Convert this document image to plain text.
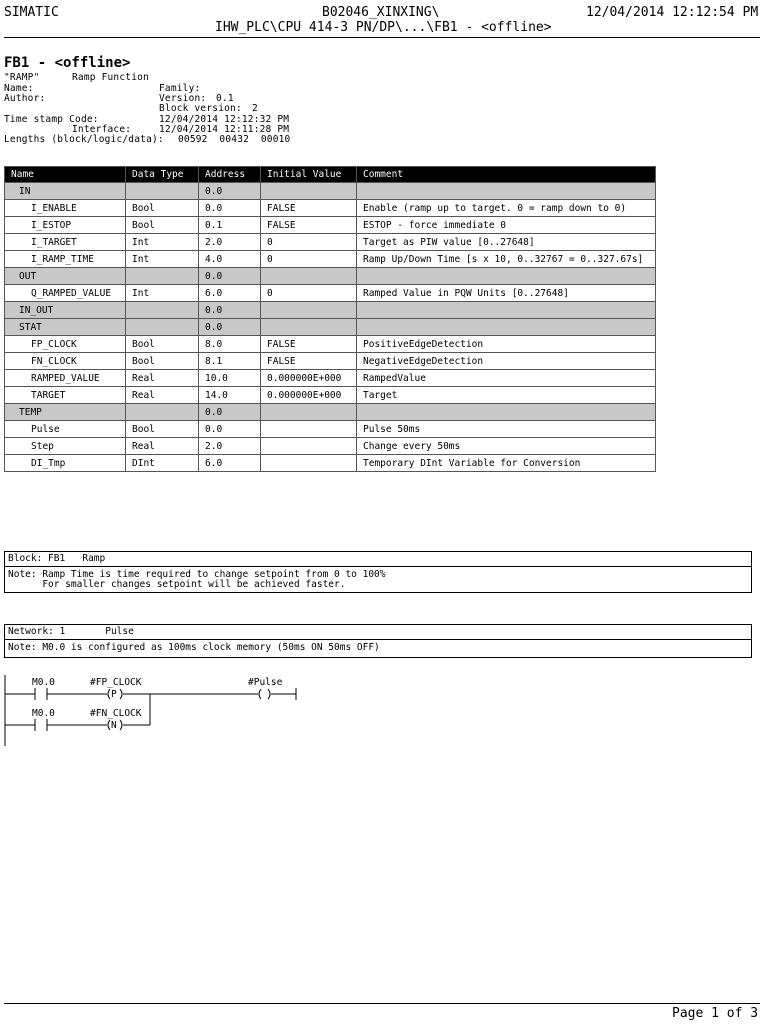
SIMATIC	B02046_XINXING\	12/04/2014 12:12:54 PM
IHW_PLC\CPU 414-3 PN/DP\...\FB1 - <offline>
FB1 - <offline>
"RAMP"	Ramp Function
Name:	Family:
Author:	Version: 0.1
Block version: 2
Time stamp Code:	12/04/2014 12:12:32 PM
Interface:	12/04/2014 12:11:28 PM
Lengths (block/logic/data): 00592  00432  00010
Name	Data Type	Address	Initial Value	Comment
IN		0.0		
I_ENABLE	Bool	0.0	FALSE	Enable (ramp up to target. 0 = ramp down to 0)
I_ESTOP	Bool	0.1	FALSE	ESTOP - force immediate 0
I_TARGET	Int	2.0	0	Target as PIW value [0..27648]
I_RAMP_TIME	Int	4.0	0	Ramp Up/Down Time [s x 10, 0..32767 = 0..327.67s]
OUT		0.0		
Q_RAMPED_VALUE	Int	6.0	0	Ramped Value in PQW Units [0..27648]
IN_OUT		0.0		
STAT		0.0		
FP_CLOCK	Bool	8.0	FALSE	PositiveEdgeDetection
FN_CLOCK	Bool	8.1	FALSE	NegativeEdgeDetection
RAMPED_VALUE	Real	10.0	0.000000E+000	RampedValue
TARGET	Real	14.0	0.000000E+000	Target
TEMP		0.0		
Pulse	Bool	0.0		Pulse 50ms
Step	Real	2.0		Change every 50ms
DI_Tmp	DInt	6.0		Temporary DInt Variable for Conversion
Block: FB1   Ramp
Note: Ramp Time is time required to change setpoint from 0 to 100%
For smaller changes setpoint will be achieved faster.
Network: 1       Pulse
Note: M0.0 is configured as 100ms clock memory (50ms ON 50ms OFF)
M0.0
P
#FP_CLOCK	#Pulse
M0.0
N
#FN_CLOCK
Page 1 of 3
